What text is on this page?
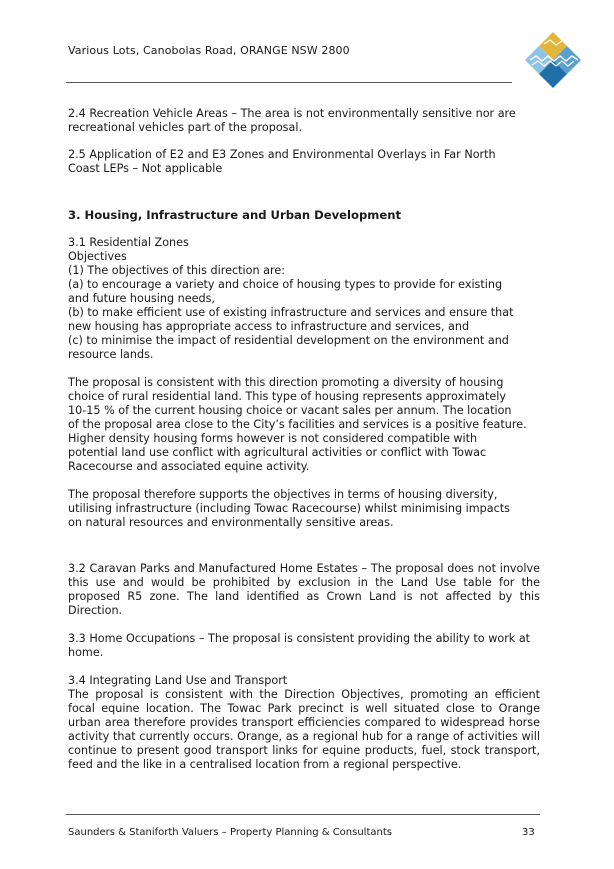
Various Lots, Canobolas Road, ORANGE NSW 2800

2.4 Recreation Vehicle Areas – The area is not environmentally sensitive nor are recreational vehicles part of the proposal.

2.5 Application of E2 and E3 Zones and Environmental Overlays in Far North

Coast LEPs – Not applicable

3. Housing, Infrastructure and Urban Development

3.1 Residential Zones

Objectives

(1) The objectives of this direction are:

(a) to encourage a variety and choice of housing types to provide for existing

and future housing needs,

(b) to make efficient use of existing infrastructure and services and ensure that

new housing has appropriate access to infrastructure and services, and

(c) to minimise the impact of residential development on the environment and

resource lands.

The proposal is consistent with this direction promoting a diversity of housing

choice of rural residential land. This type of housing represents approximately

10-15 % of the current housing choice or vacant sales per annum. The location

of the proposal area close to the City’s facilities and services is a positive feature.

Higher density housing forms however is not considered compatible with

potential land use conflict with agricultural activities or conflict with Towac

Racecourse and associated equine activity.

The proposal therefore supports the objectives in terms of housing diversity,

utilising infrastructure (including Towac Racecourse) whilst minimising impacts

on natural resources and environmentally sensitive areas.

3.2 Caravan Parks and Manufactured Home Estates – The proposal does not involve this use and would be prohibited by exclusion in the Land Use table for the proposed R5 zone. The land identified as Crown Land is not affected by this Direction.

3.3 Home Occupations – The proposal is consistent providing the ability to work at home.

3.4 Integrating Land Use and Transport

The proposal is consistent with the Direction Objectives, promoting an efficient focal equine location. The Towac Park precinct is well situated close to Orange urban area therefore provides transport efficiencies compared to widespread horse activity that currently occurs. Orange, as a regional hub for a range of activities will continue to present good transport links for equine products, fuel, stock transport, feed and the like in a centralised location from a regional perspective.

Saunders & Staniforth Valuers – Property Planning & Consultants	33
